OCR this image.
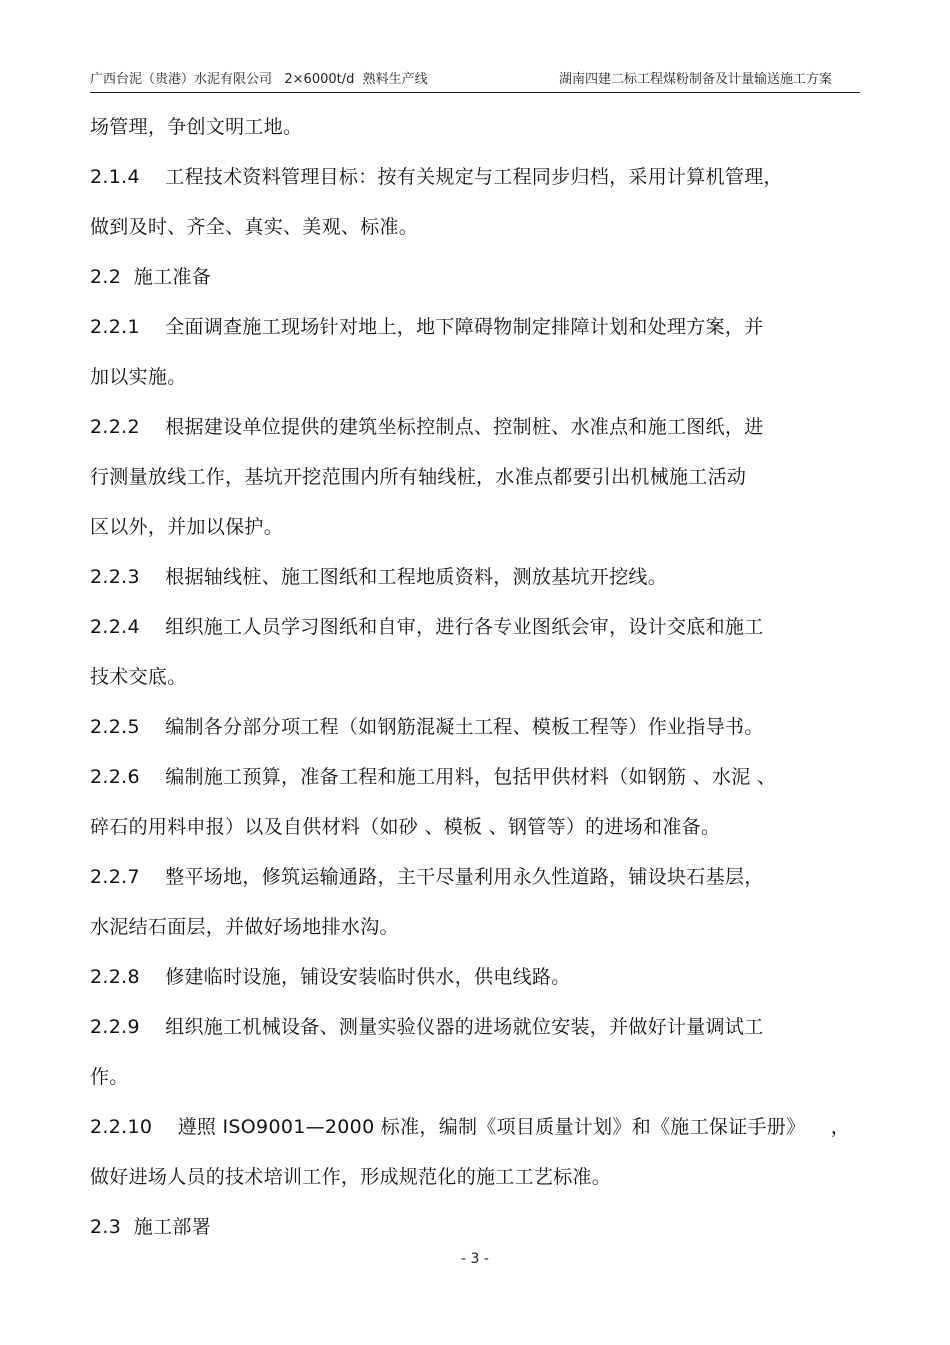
广西台泥（贵港）水泥有限公司   2×6000t/d  熟料生产线	湖南四建二标工程煤粉制备及计量输送施工方案
场管理，争创文明工地。
2.1.4    工程技术资料管理目标：按有关规定与工程同步归档，采用计算机管理，
做到及时、齐全、真实、美观、标准。
2.2  施工准备
2.2.1    全面调查施工现场针对地上，地下障碍物制定排障计划和处理方案，并
加以实施。
2.2.2    根据建设单位提供的建筑坐标控制点、控制桩、水准点和施工图纸，进
行测量放线工作，基坑开挖范围内所有轴线桩，水准点都要引出机械施工活动
区以外，并加以保护。
2.2.3    根据轴线桩、施工图纸和工程地质资料，测放基坑开挖线。
2.2.4    组织施工人员学习图纸和自审，进行各专业图纸会审，设计交底和施工
技术交底。
2.2.5    编制各分部分项工程（如钢筋混凝土工程、模板工程等）作业指导书。
2.2.6    编制施工预算，准备工程和施工用料，包括甲供材料（如钢筋 、水泥 、
碎石的用料申报）以及自供材料（如砂 、模板 、钢管等）的进场和准备。
2.2.7    整平场地，修筑运输通路，主干尽量利用永久性道路，铺设块石基层，
水泥结石面层，并做好场地排水沟。
2.2.8    修建临时设施，铺设安装临时供水，供电线路。
2.2.9    组织施工机械设备、测量实验仪器的进场就位安装，并做好计量调试工
作。
2.2.10    遵照 ISO9001—2000 标准，编制《项目质量计划》和《施工保证手册》    ，
做好进场人员的技术培训工作，形成规范化的施工工艺标准。
2.3  施工部署
- 3 -
